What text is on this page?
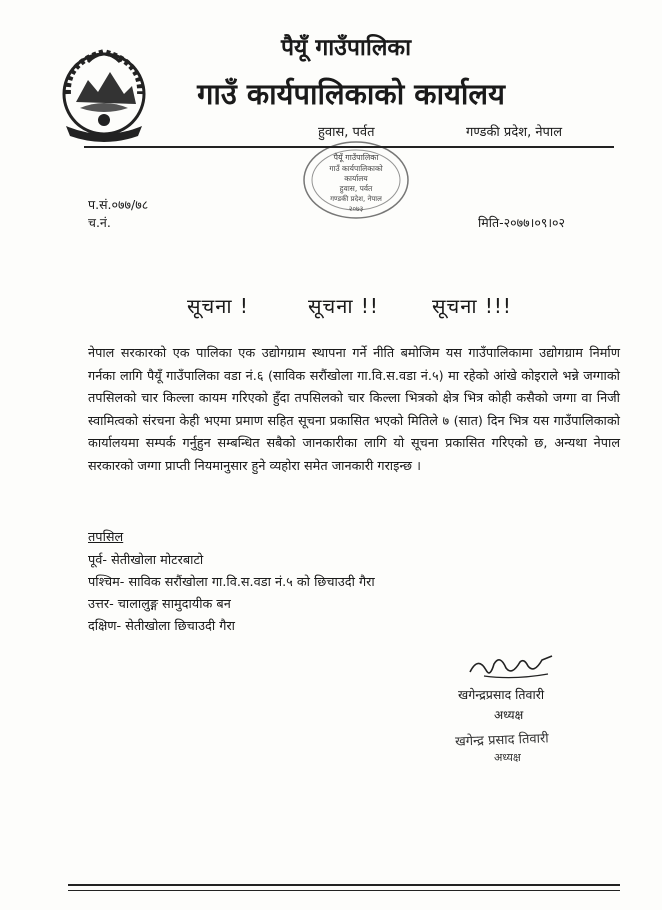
पैयूँ गाउँपालिका
गाउँ कार्यपालिकाको कार्यालय
हुवास, पर्वत	गण्डकी प्रदेश, नेपाल
पैयूँ गाउँपालिका
गाउँ कार्यपालिकाको
कार्यालय
हुवास, पर्वत
गण्डकी प्रदेश, नेपाल
२०७३
प.सं.०७७/७८
च.नं.	मिति-२०७७।०९।०२
सूचना !	सूचना !!	सूचना !!!
नेपाल सरकारको एक पालिका एक उद्योगग्राम स्थापना गर्ने नीति बमोजिम यस गाउँपालिकामा उद्योगग्राम निर्माण गर्नका लागि पैयूँ गाउँपालिका वडा नं.६ (साविक सरौंखोला गा.वि.स.वडा नं.५) मा रहेको आंखे कोइराले भन्ने जग्गाको तपसिलको चार किल्ला कायम गरिएको हुँदा तपसिलको चार किल्ला भित्रको क्षेत्र भित्र कोही कसैको जग्गा वा निजी स्वामित्वको संरचना केही भएमा प्रमाण सहित सूचना प्रकासित भएको मितिले ७ (सात) दिन भित्र यस गाउँपालिकाको कार्यालयमा सम्पर्क गर्नुहुन सम्बन्धित सबैको जानकारीका लागि यो सूचना प्रकासित गरिएको छ, अन्यथा नेपाल सरकारको जग्गा प्राप्ती नियमानुसार हुने व्यहोरा समेत जानकारी गराइन्छ ।
तपसिल
पूर्व- सेतीखोला मोटरबाटो
पश्चिम- साविक सरौंखोला गा.वि.स.वडा नं.५ को छिचाउदी गैरा
उत्तर- चालालुङ्ग सामुदायीक बन
दक्षिण- सेतीखोला छिचाउदी गैरा
खगेन्द्रप्रसाद तिवारी
अध्यक्ष
खगेन्द्र प्रसाद तिवारी
अध्यक्ष
